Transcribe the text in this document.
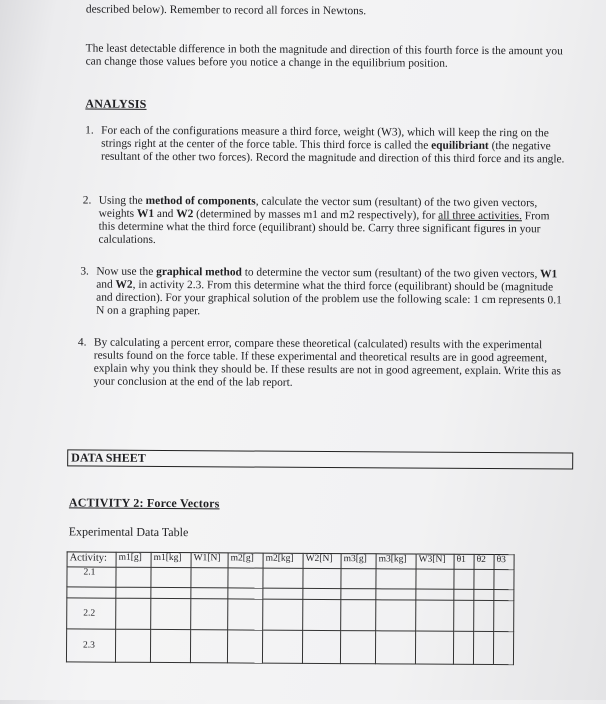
described below). Remember to record all forces in Newtons.
The least detectable difference in both the magnitude and direction of this fourth force is the amount you can change those values before you notice a change in the equilibrium position.
ANALYSIS
1. For each of the configurations measure a third force, weight (W3), which will keep the ring on the strings right at the center of the force table. This third force is called the equilibriant (the negative resultant of the other two forces). Record the magnitude and direction of this third force and its angle.
2. Using the method of components, calculate the vector sum (resultant) of the two given vectors, weights W1 and W2 (determined by masses m1 and m2 respectively), for all three activities. From this determine what the third force (equilibrant) should be. Carry three significant figures in your calculations.
3. Now use the graphical method to determine the vector sum (resultant) of the two given vectors, W1 and W2, in activity 2.3. From this determine what the third force (equilibrant) should be (magnitude and direction). For your graphical solution of the problem use the following scale: 1 cm represents 0.1 N on a graphing paper.
4. By calculating a percent error, compare these theoretical (calculated) results with the experimental results found on the force table. If these experimental and theoretical results are in good agreement, explain why you think they should be. If these results are not in good agreement, explain. Write this as your conclusion at the end of the lab report.
DATA SHEET
ACTIVITY 2: Force Vectors
Experimental Data Table
Activity:	m1[g]	m1[kg]	W1[N]	m2[g]	m2[kg]	W2[N]	m3[g]	m3[kg]	W3[N]	θ1	θ2	θ3
2.1												

2.2												
2.3												
